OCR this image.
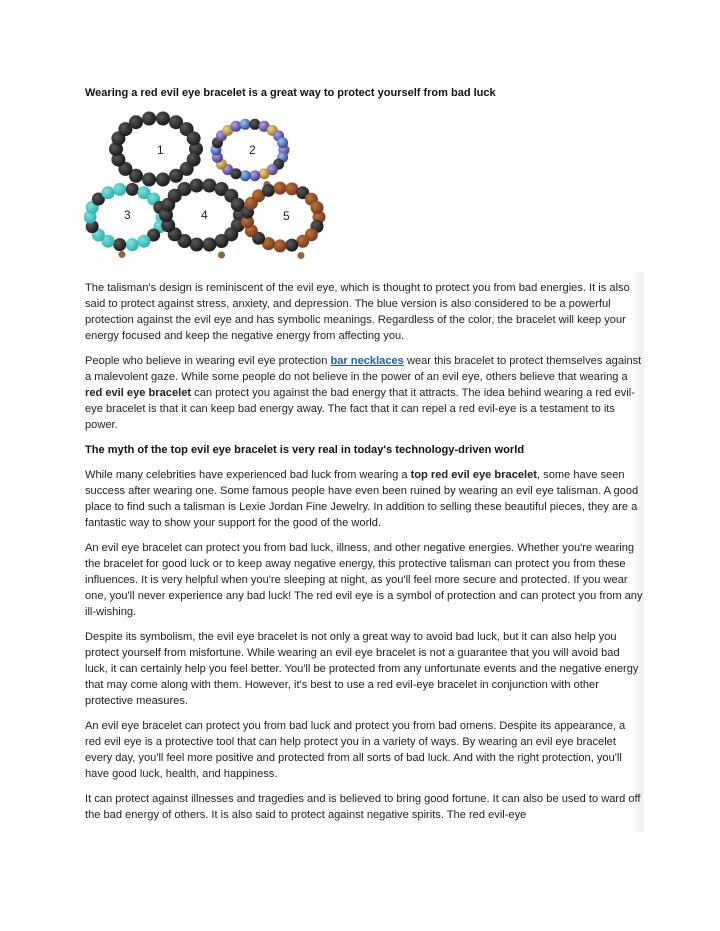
Wearing a red evil eye bracelet is a great way to protect yourself from bad luck
1	2
3	4	5

The talisman's design is reminiscent of the evil eye, which is thought to protect you from bad energies. It is also said to protect against stress, anxiety, and depression. The blue version is also considered to be a powerful protection against the evil eye and has symbolic meanings. Regardless of the color, the bracelet will keep your energy focused and keep the negative energy from affecting you.

People who believe in wearing evil eye protection bar necklaces wear this bracelet to protect themselves against a malevolent gaze. While some people do not believe in the power of an evil eye, others believe that wearing a red evil eye bracelet can protect you against the bad energy that it attracts. The idea behind wearing a red evil-eye bracelet is that it can keep bad energy away. The fact that it can repel a red evil-eye is a testament to its power.

The myth of the top evil eye bracelet is very real in today's technology-driven world

While many celebrities have experienced bad luck from wearing a top red evil eye bracelet, some have seen success after wearing one. Some famous people have even been ruined by wearing an evil eye talisman. A good place to find such a talisman is Lexie Jordan Fine Jewelry. In addition to selling these beautiful pieces, they are a fantastic way to show your support for the good of the world.

An evil eye bracelet can protect you from bad luck, illness, and other negative energies. Whether you're wearing the bracelet for good luck or to keep away negative energy, this protective talisman can protect you from these influences. It is very helpful when you're sleeping at night, as you'll feel more secure and protected. If you wear one, you'll never experience any bad luck! The red evil eye is a symbol of protection and can protect you from any ill-wishing.

Despite its symbolism, the evil eye bracelet is not only a great way to avoid bad luck, but it can also help you protect yourself from misfortune. While wearing an evil eye bracelet is not a guarantee that you will avoid bad luck, it can certainly help you feel better. You'll be protected from any unfortunate events and the negative energy that may come along with them. However, it's best to use a red evil-eye bracelet in conjunction with other protective measures.

An evil eye bracelet can protect you from bad luck and protect you from bad omens. Despite its appearance, a red evil eye is a protective tool that can help protect you in a variety of ways. By wearing an evil eye bracelet every day, you'll feel more positive and protected from all sorts of bad luck. And with the right protection, you'll have good luck, health, and happiness.

It can protect against illnesses and tragedies and is believed to bring good fortune. It can also be used to ward off the bad energy of others. It is also said to protect against negative spirits. The red evil-eye
